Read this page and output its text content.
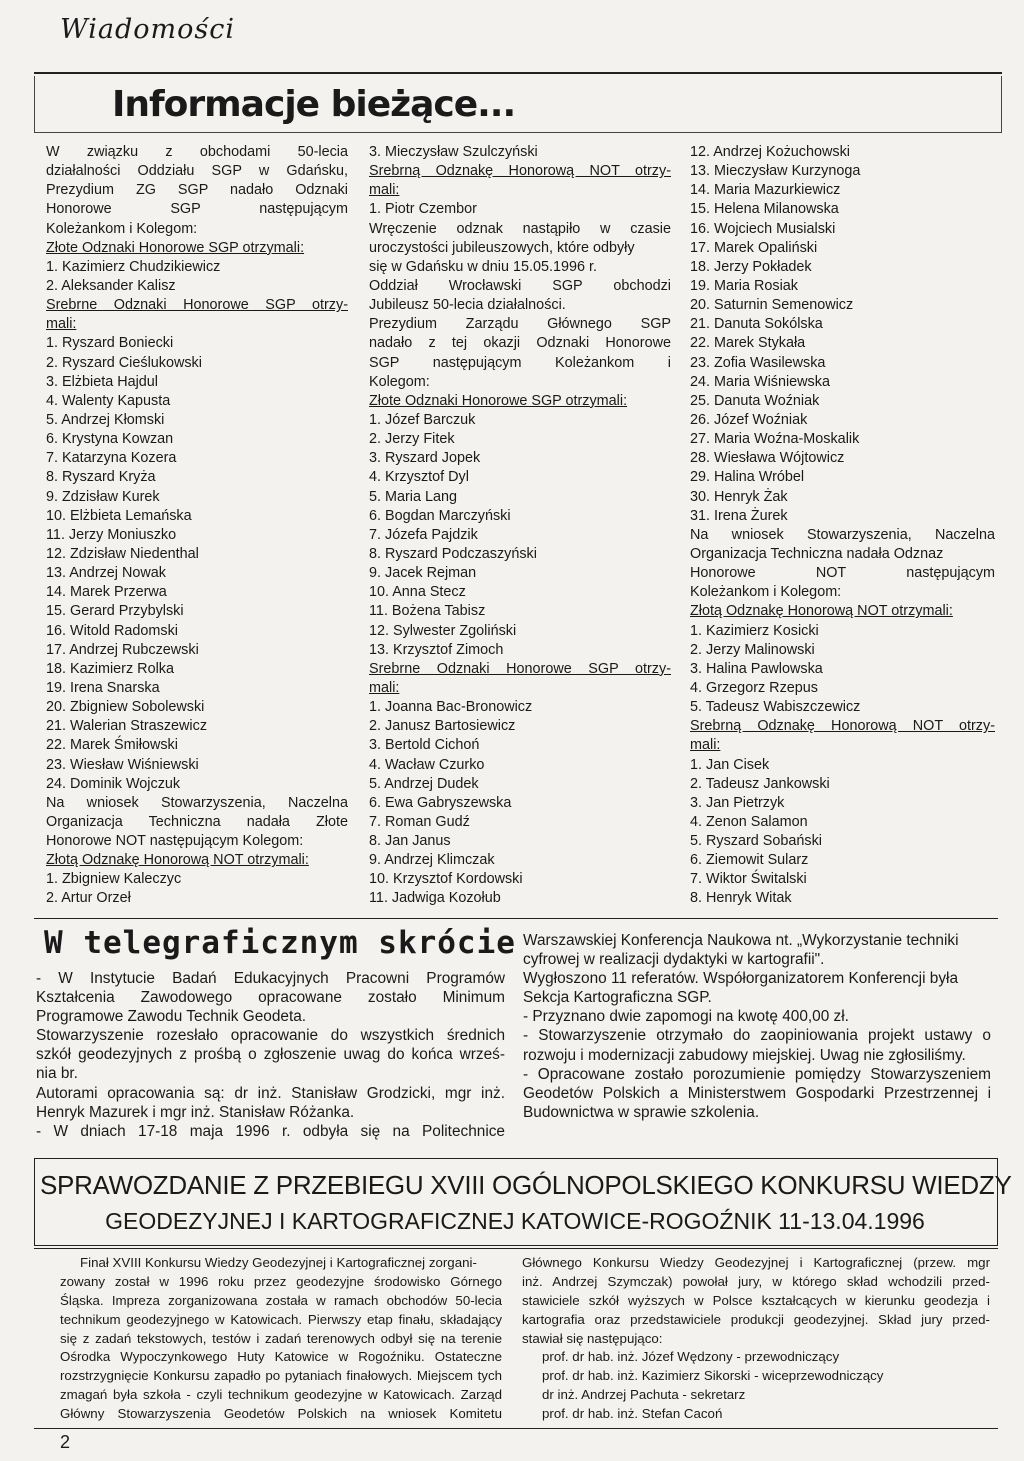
Wiadomości
Informacje bieżące...
W związku z obchodami 50-lecia
działalności Oddziału SGP w Gdańsku,
Prezydium ZG SGP nadało Odznaki
Honorowe SGP następującym
Koleżankom i Kolegom:
Złote Odznaki Honorowe SGP otrzymali:
1. Kazimierz Chudzikiewicz
2. Aleksander Kalisz
Srebrne Odznaki Honorowe SGP otrzy-
mali:
1. Ryszard Boniecki
2. Ryszard Cieślukowski
3. Elżbieta Hajdul
4. Walenty Kapusta
5. Andrzej Kłomski
6. Krystyna Kowzan
7. Katarzyna Kozera
8. Ryszard Kryża
9. Zdzisław Kurek
10. Elżbieta Lemańska
11. Jerzy Moniuszko
12. Zdzisław Niedenthal
13. Andrzej Nowak
14. Marek Przerwa
15. Gerard Przybylski
16. Witold Radomski
17. Andrzej Rubczewski
18. Kazimierz Rolka
19. Irena Snarska
20. Zbigniew Sobolewski
21. Walerian Straszewicz
22. Marek Śmiłowski
23. Wiesław Wiśniewski
24. Dominik Wojczuk
Na wniosek Stowarzyszenia, Naczelna
Organizacja Techniczna nadała Złote
Honorowe NOT następującym Kolegom:
Złotą Odznakę Honorową NOT otrzymali:
1. Zbigniew Kaleczyc
2. Artur Orzeł
3. Mieczysław Szulczyński
Srebrną Odznakę Honorową NOT otrzy-
mali:
1. Piotr Czembor
Wręczenie odznak nastąpiło w czasie
uroczystości jubileuszowych, które odbyły
się w Gdańsku w dniu 15.05.1996 r.
Oddział Wrocławski SGP obchodzi
Jubileusz 50-lecia działalności.
Prezydium Zarządu Głównego SGP
nadało z tej okazji Odznaki Honorowe
SGP następującym Koleżankom i
Kolegom:
Złote Odznaki Honorowe SGP otrzymali:
1. Józef Barczuk
2. Jerzy Fitek
3. Ryszard Jopek
4. Krzysztof Dyl
5. Maria Lang
6. Bogdan Marczyński
7. Józefa Pajdzik
8. Ryszard Podczaszyński
9. Jacek Rejman
10. Anna Stecz
11. Bożena Tabisz
12. Sylwester Zgoliński
13. Krzysztof Zimoch
Srebrne Odznaki Honorowe SGP otrzy-
mali:
1. Joanna Bac-Bronowicz
2. Janusz Bartosiewicz
3. Bertold Cichoń
4. Wacław Czurko
5. Andrzej Dudek
6. Ewa Gabryszewska
7. Roman Gudź
8. Jan Janus
9. Andrzej Klimczak
10. Krzysztof Kordowski
11. Jadwiga Kozołub
12. Andrzej Kożuchowski
13. Mieczysław Kurzynoga
14. Maria Mazurkiewicz
15. Helena Milanowska
16. Wojciech Musialski
17. Marek Opaliński
18. Jerzy Pokładek
19. Maria Rosiak
20. Saturnin Semenowicz
21. Danuta Sokólska
22. Marek Stykała
23. Zofia Wasilewska
24. Maria Wiśniewska
25. Danuta Woźniak
26. Józef Woźniak
27. Maria Woźna-Moskalik
28. Wiesława Wójtowicz
29. Halina Wróbel
30. Henryk Żak
31. Irena Żurek
Na wniosek Stowarzyszenia, Naczelna
Organizacja Techniczna nadała Odznaz
Honorowe NOT następującym
Koleżankom i Kolegom:
Złotą Odznakę Honorową NOT otrzymali:
1. Kazimierz Kosicki
2. Jerzy Malinowski
3. Halina Pawlowska
4. Grzegorz Rzepus
5. Tadeusz Wabiszczewicz
Srebrną Odznakę Honorową NOT otrzy-
mali:
1. Jan Cisek
2. Tadeusz Jankowski
3. Jan Pietrzyk
4. Zenon Salamon
5. Ryszard Sobański
6. Ziemowit Sularz
7. Wiktor Świtalski
8. Henryk Witak
W telegraficznym skrócie
- W Instytucie Badań Edukacyjnych Pracowni Programów
Kształcenia Zawodowego opracowane zostało Minimum
Programowe Zawodu Technik Geodeta.
Stowarzyszenie rozesłało opracowanie do wszystkich średnich
szkół geodezyjnych z prośbą o zgłoszenie uwag do końca wrześ-
nia br.
Autorami opracowania są: dr inż. Stanisław Grodzicki, mgr inż.
Henryk Mazurek i mgr inż. Stanisław Różanka.
- W dniach 17-18 maja 1996 r. odbyła się na Politechnice
Warszawskiej Konferencja Naukowa nt. „Wykorzystanie techniki
cyfrowej w realizacji dydaktyki w kartografii".
Wygłoszono 11 referatów. Współorganizatorem Konferencji była
Sekcja Kartograficzna SGP.
- Przyznano dwie zapomogi na kwotę 400,00 zł.
- Stowarzyszenie otrzymało do zaopiniowania projekt ustawy o
rozwoju i modernizacji zabudowy miejskiej. Uwag nie zgłosiliśmy.
- Opracowane zostało porozumienie pomiędzy Stowarzyszeniem
Geodetów Polskich a Ministerstwem Gospodarki Przestrzennej i
Budownictwa w sprawie szkolenia.
SPRAWOZDANIE Z PRZEBIEGU XVIII OGÓLNOPOLSKIEGO KONKURSU WIEDZY
GEODEZYJNEJ I KARTOGRAFICZNEJ KATOWICE-ROGOŹNIK 11-13.04.1996
Finał XVIII Konkursu Wiedzy Geodezyjnej i Kartograficznej zorgani-
zowany został w 1996 roku przez geodezyjne środowisko Górnego
Śląska. Impreza zorganizowana została w ramach obchodów 50-lecia
technikum geodezyjnego w Katowicach. Pierwszy etap finału, składający
się z zadań tekstowych, testów i zadań terenowych odbył się na terenie
Ośrodka Wypoczynkowego Huty Katowice w Rogoźniku. Ostateczne
rozstrzygnięcie Konkursu zapadło po pytaniach finałowych. Miejscem tych
zmagań była szkoła - czyli technikum geodezyjne w Katowicach. Zarząd
Główny Stowarzyszenia Geodetów Polskich na wniosek Komitetu
Głównego Konkursu Wiedzy Geodezyjnej i Kartograficznej (przew. mgr
inż. Andrzej Szymczak) powołał jury, w którego skład wchodzili przed-
stawiciele szkół wyższych w Polsce kształcących w kierunku geodezja i
kartografia oraz przedstawiciele produkcji geodezyjnej. Skład jury przed-
stawiał się następująco:
prof. dr hab. inż. Józef Wędzony - przewodniczący
prof. dr hab. inż. Kazimierz Sikorski - wiceprzewodniczący
dr inż. Andrzej Pachuta - sekretarz
prof. dr hab. inż. Stefan Cacoń
2
